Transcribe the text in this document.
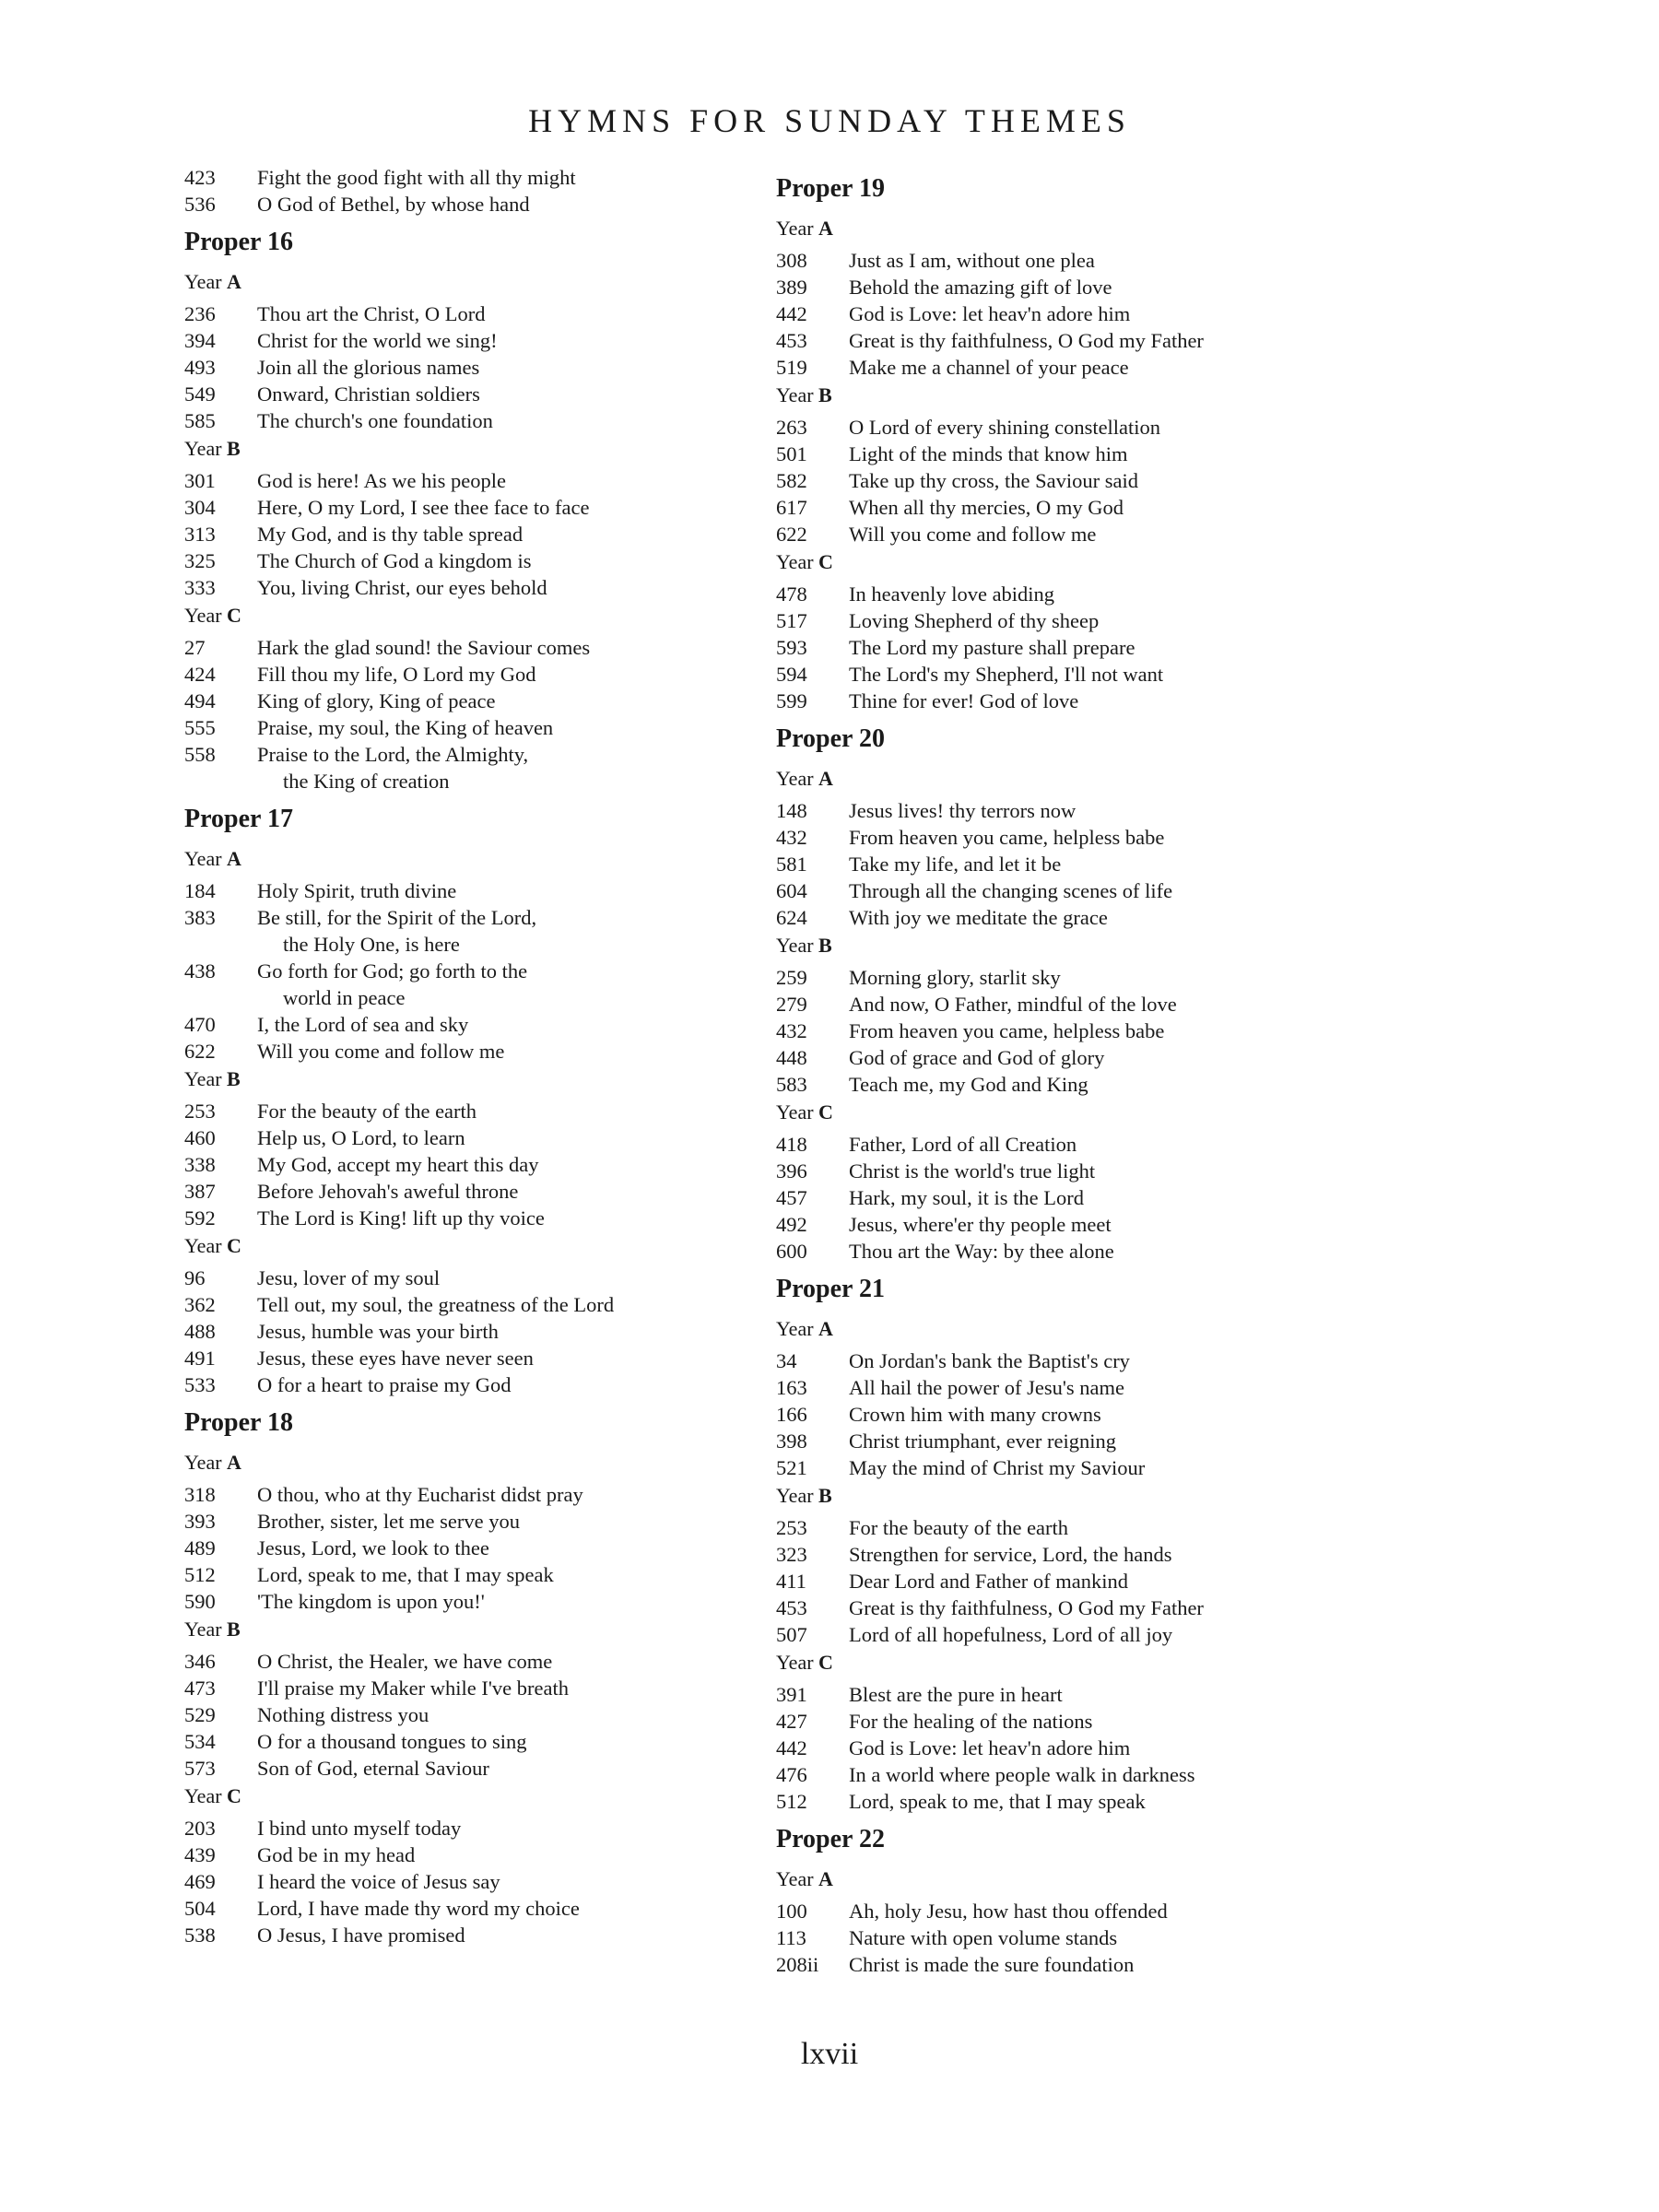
HYMNS FOR SUNDAY THEMES
423	Fight the good fight with all thy might
536	O God of Bethel, by whose hand
Proper 16
Year A
236	Thou art the Christ, O Lord
394	Christ for the world we sing!
493	Join all the glorious names
549	Onward, Christian soldiers
585	The church's one foundation
Year B
301	God is here! As we his people
304	Here, O my Lord, I see thee face to face
313	My God, and is thy table spread
325	The Church of God a kingdom is
333	You, living Christ, our eyes behold
Year C
27	Hark the glad sound! the Saviour comes
424	Fill thou my life, O Lord my God
494	King of glory, King of peace
555	Praise, my soul, the King of heaven
558	Praise to the Lord, the Almighty,
the King of creation
Proper 17
Year A
184	Holy Spirit, truth divine
383	Be still, for the Spirit of the Lord,
the Holy One, is here
438	Go forth for God; go forth to the
world in peace
470	I, the Lord of sea and sky
622	Will you come and follow me
Year B
253	For the beauty of the earth
460	Help us, O Lord, to learn
338	My God, accept my heart this day
387	Before Jehovah's aweful throne
592	The Lord is King! lift up thy voice
Year C
96	Jesu, lover of my soul
362	Tell out, my soul, the greatness of the Lord
488	Jesus, humble was your birth
491	Jesus, these eyes have never seen
533	O for a heart to praise my God
Proper 18
Year A
318	O thou, who at thy Eucharist didst pray
393	Brother, sister, let me serve you
489	Jesus, Lord, we look to thee
512	Lord, speak to me, that I may speak
590	'The kingdom is upon you!'
Year B
346	O Christ, the Healer, we have come
473	I'll praise my Maker while I've breath
529	Nothing distress you
534	O for a thousand tongues to sing
573	Son of God, eternal Saviour
Year C
203	I bind unto myself today
439	God be in my head
469	I heard the voice of Jesus say
504	Lord, I have made thy word my choice
538	O Jesus, I have promised
Proper 19
Year A
308	Just as I am, without one plea
389	Behold the amazing gift of love
442	God is Love: let heav'n adore him
453	Great is thy faithfulness, O God my Father
519	Make me a channel of your peace
Year B
263	O Lord of every shining constellation
501	Light of the minds that know him
582	Take up thy cross, the Saviour said
617	When all thy mercies, O my God
622	Will you come and follow me
Year C
478	In heavenly love abiding
517	Loving Shepherd of thy sheep
593	The Lord my pasture shall prepare
594	The Lord's my Shepherd, I'll not want
599	Thine for ever! God of love
Proper 20
Year A
148	Jesus lives! thy terrors now
432	From heaven you came, helpless babe
581	Take my life, and let it be
604	Through all the changing scenes of life
624	With joy we meditate the grace
Year B
259	Morning glory, starlit sky
279	And now, O Father, mindful of the love
432	From heaven you came, helpless babe
448	God of grace and God of glory
583	Teach me, my God and King
Year C
418	Father, Lord of all Creation
396	Christ is the world's true light
457	Hark, my soul, it is the Lord
492	Jesus, where'er thy people meet
600	Thou art the Way: by thee alone
Proper 21
Year A
34	On Jordan's bank the Baptist's cry
163	All hail the power of Jesu's name
166	Crown him with many crowns
398	Christ triumphant, ever reigning
521	May the mind of Christ my Saviour
Year B
253	For the beauty of the earth
323	Strengthen for service, Lord, the hands
411	Dear Lord and Father of mankind
453	Great is thy faithfulness, O God my Father
507	Lord of all hopefulness, Lord of all joy
Year C
391	Blest are the pure in heart
427	For the healing of the nations
442	God is Love: let heav'n adore him
476	In a world where people walk in darkness
512	Lord, speak to me, that I may speak
Proper 22
Year A
100	Ah, holy Jesu, how hast thou offended
113	Nature with open volume stands
208ii	Christ is made the sure foundation
lxvii
